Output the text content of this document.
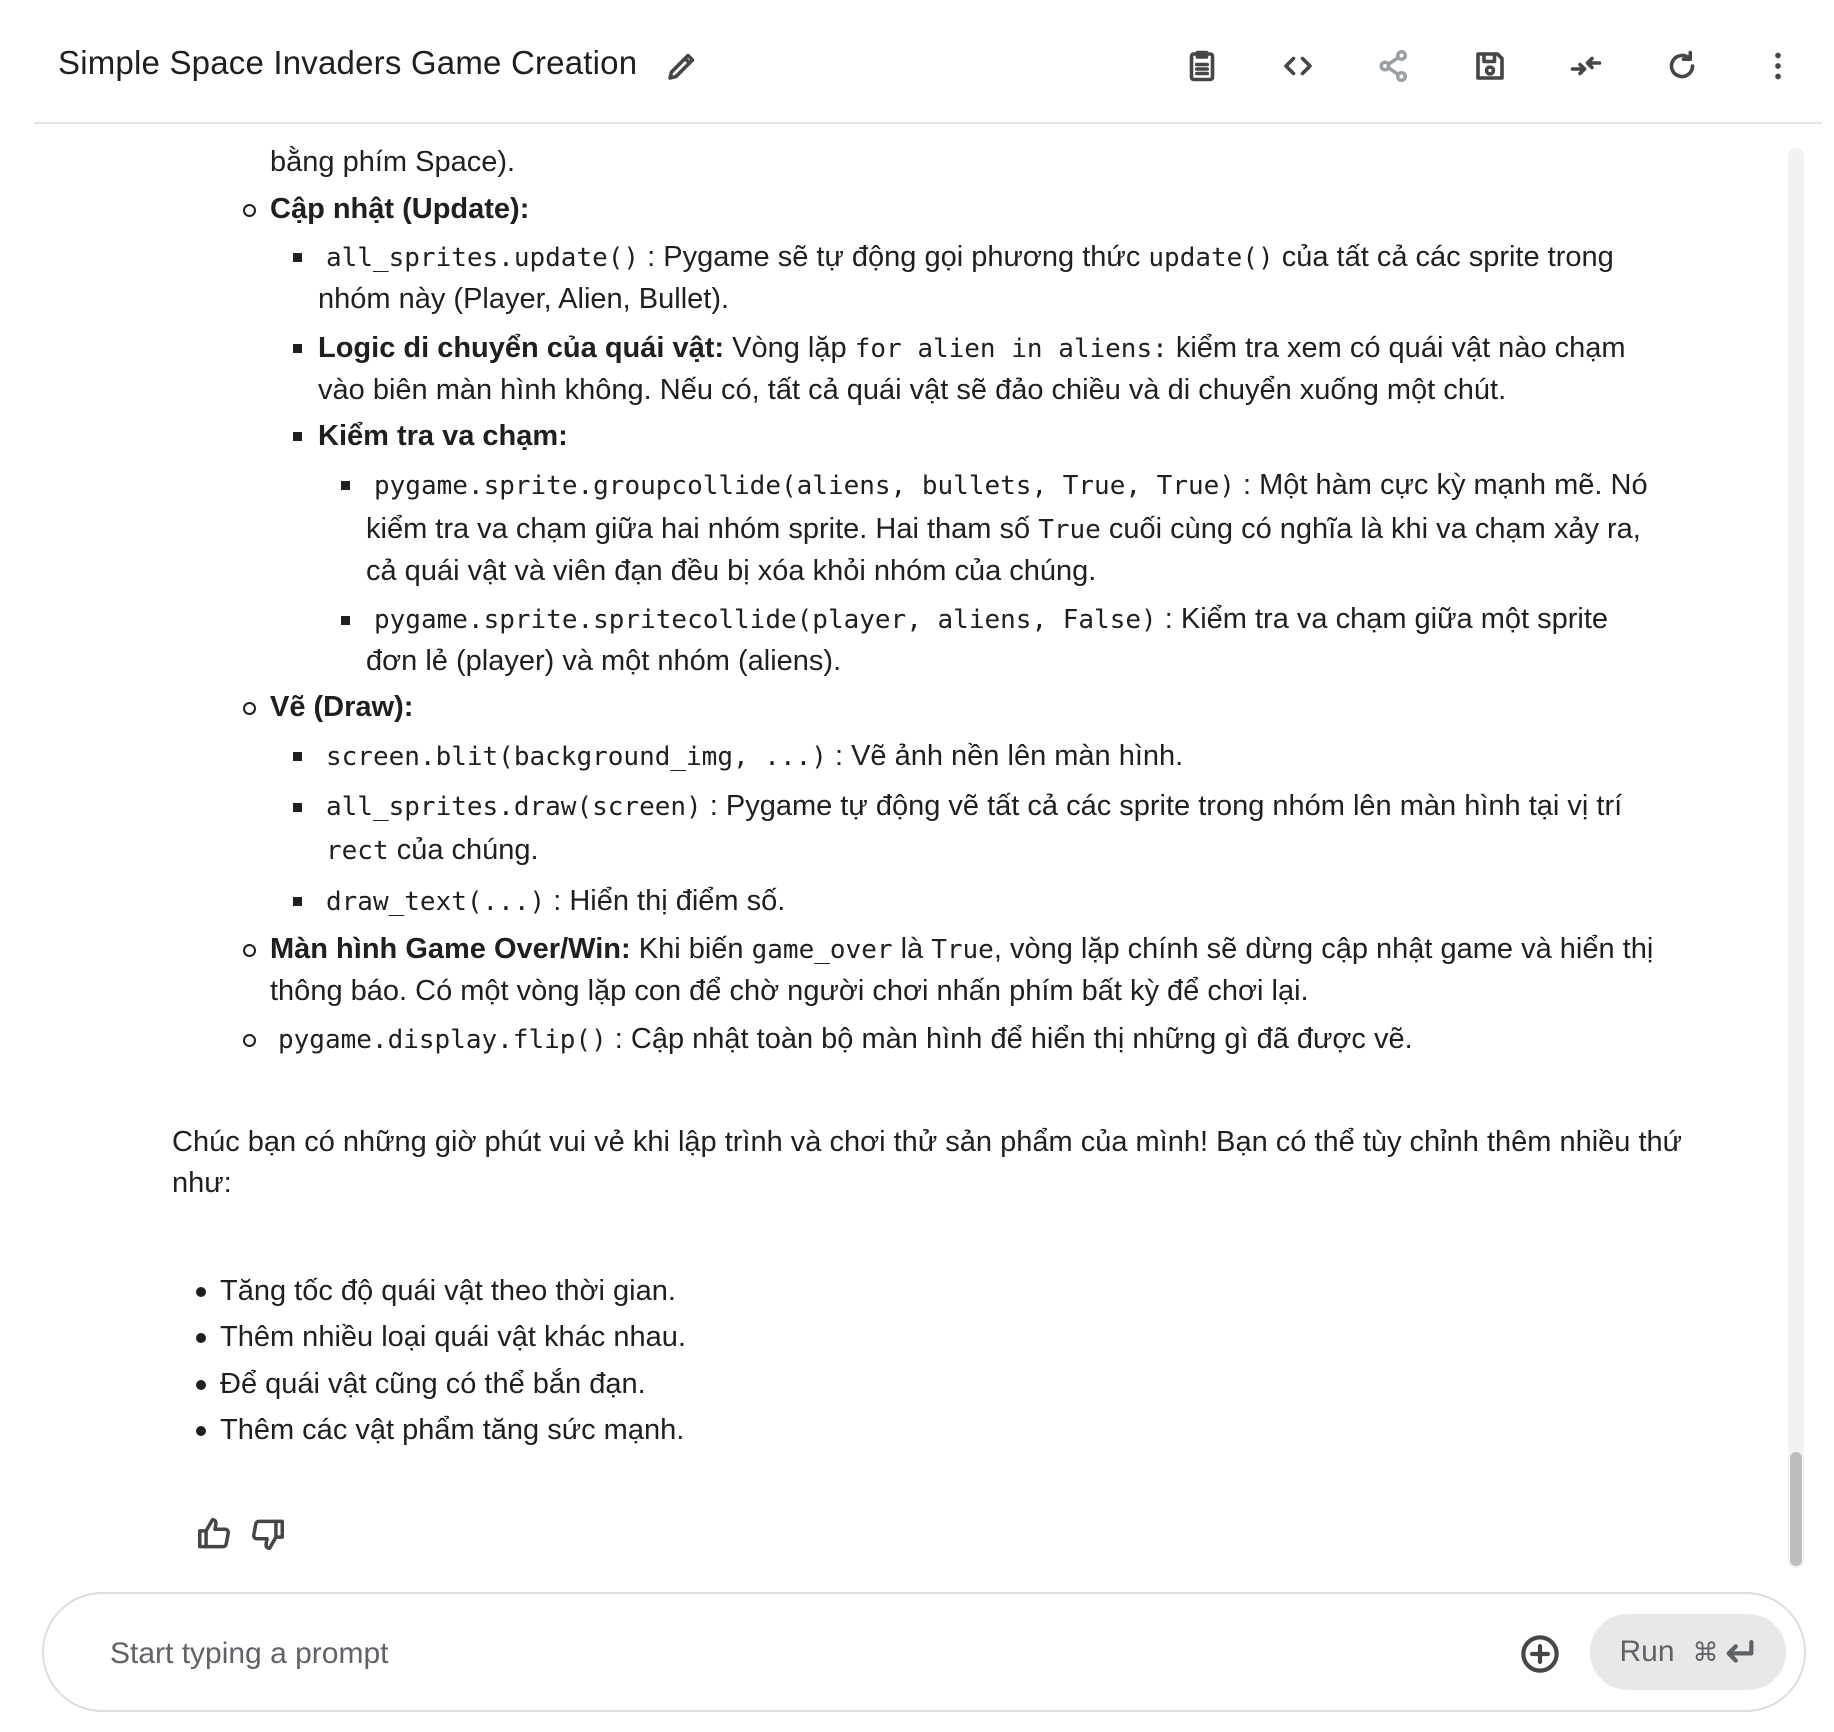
Simple Space Invaders Game Creation
bằng phím Space).
Cập nhật (Update):
all_sprites.update() : Pygame sẽ tự động gọi phương thức update() của tất cả các sprite trong
nhóm này (Player, Alien, Bullet).
Logic di chuyển của quái vật: Vòng lặp for alien in aliens: kiểm tra xem có quái vật nào chạm
vào biên màn hình không. Nếu có, tất cả quái vật sẽ đảo chiều và di chuyển xuống một chút.
Kiểm tra va chạm:
pygame.sprite.groupcollide(aliens, bullets, True, True) : Một hàm cực kỳ mạnh mẽ. Nó
kiểm tra va chạm giữa hai nhóm sprite. Hai tham số True cuối cùng có nghĩa là khi va chạm xảy ra,
cả quái vật và viên đạn đều bị xóa khỏi nhóm của chúng.
pygame.sprite.spritecollide(player, aliens, False) : Kiểm tra va chạm giữa một sprite
đơn lẻ (player) và một nhóm (aliens).
Vẽ (Draw):
screen.blit(background_img, ...) : Vẽ ảnh nền lên màn hình.
all_sprites.draw(screen) : Pygame tự động vẽ tất cả các sprite trong nhóm lên màn hình tại vị trí
rect của chúng.
draw_text(...) : Hiển thị điểm số.
Màn hình Game Over/Win: Khi biến game_over là True, vòng lặp chính sẽ dừng cập nhật game và hiển thị
thông báo. Có một vòng lặp con để chờ người chơi nhấn phím bất kỳ để chơi lại.
pygame.display.flip() : Cập nhật toàn bộ màn hình để hiển thị những gì đã được vẽ.
Chúc bạn có những giờ phút vui vẻ khi lập trình và chơi thử sản phẩm của mình! Bạn có thể tùy chỉnh thêm nhiều thứ
như:
Tăng tốc độ quái vật theo thời gian.
Thêm nhiều loại quái vật khác nhau.
Để quái vật cũng có thể bắn đạn.
Thêm các vật phẩm tăng sức mạnh.
Start typing a prompt
Run ⌘
